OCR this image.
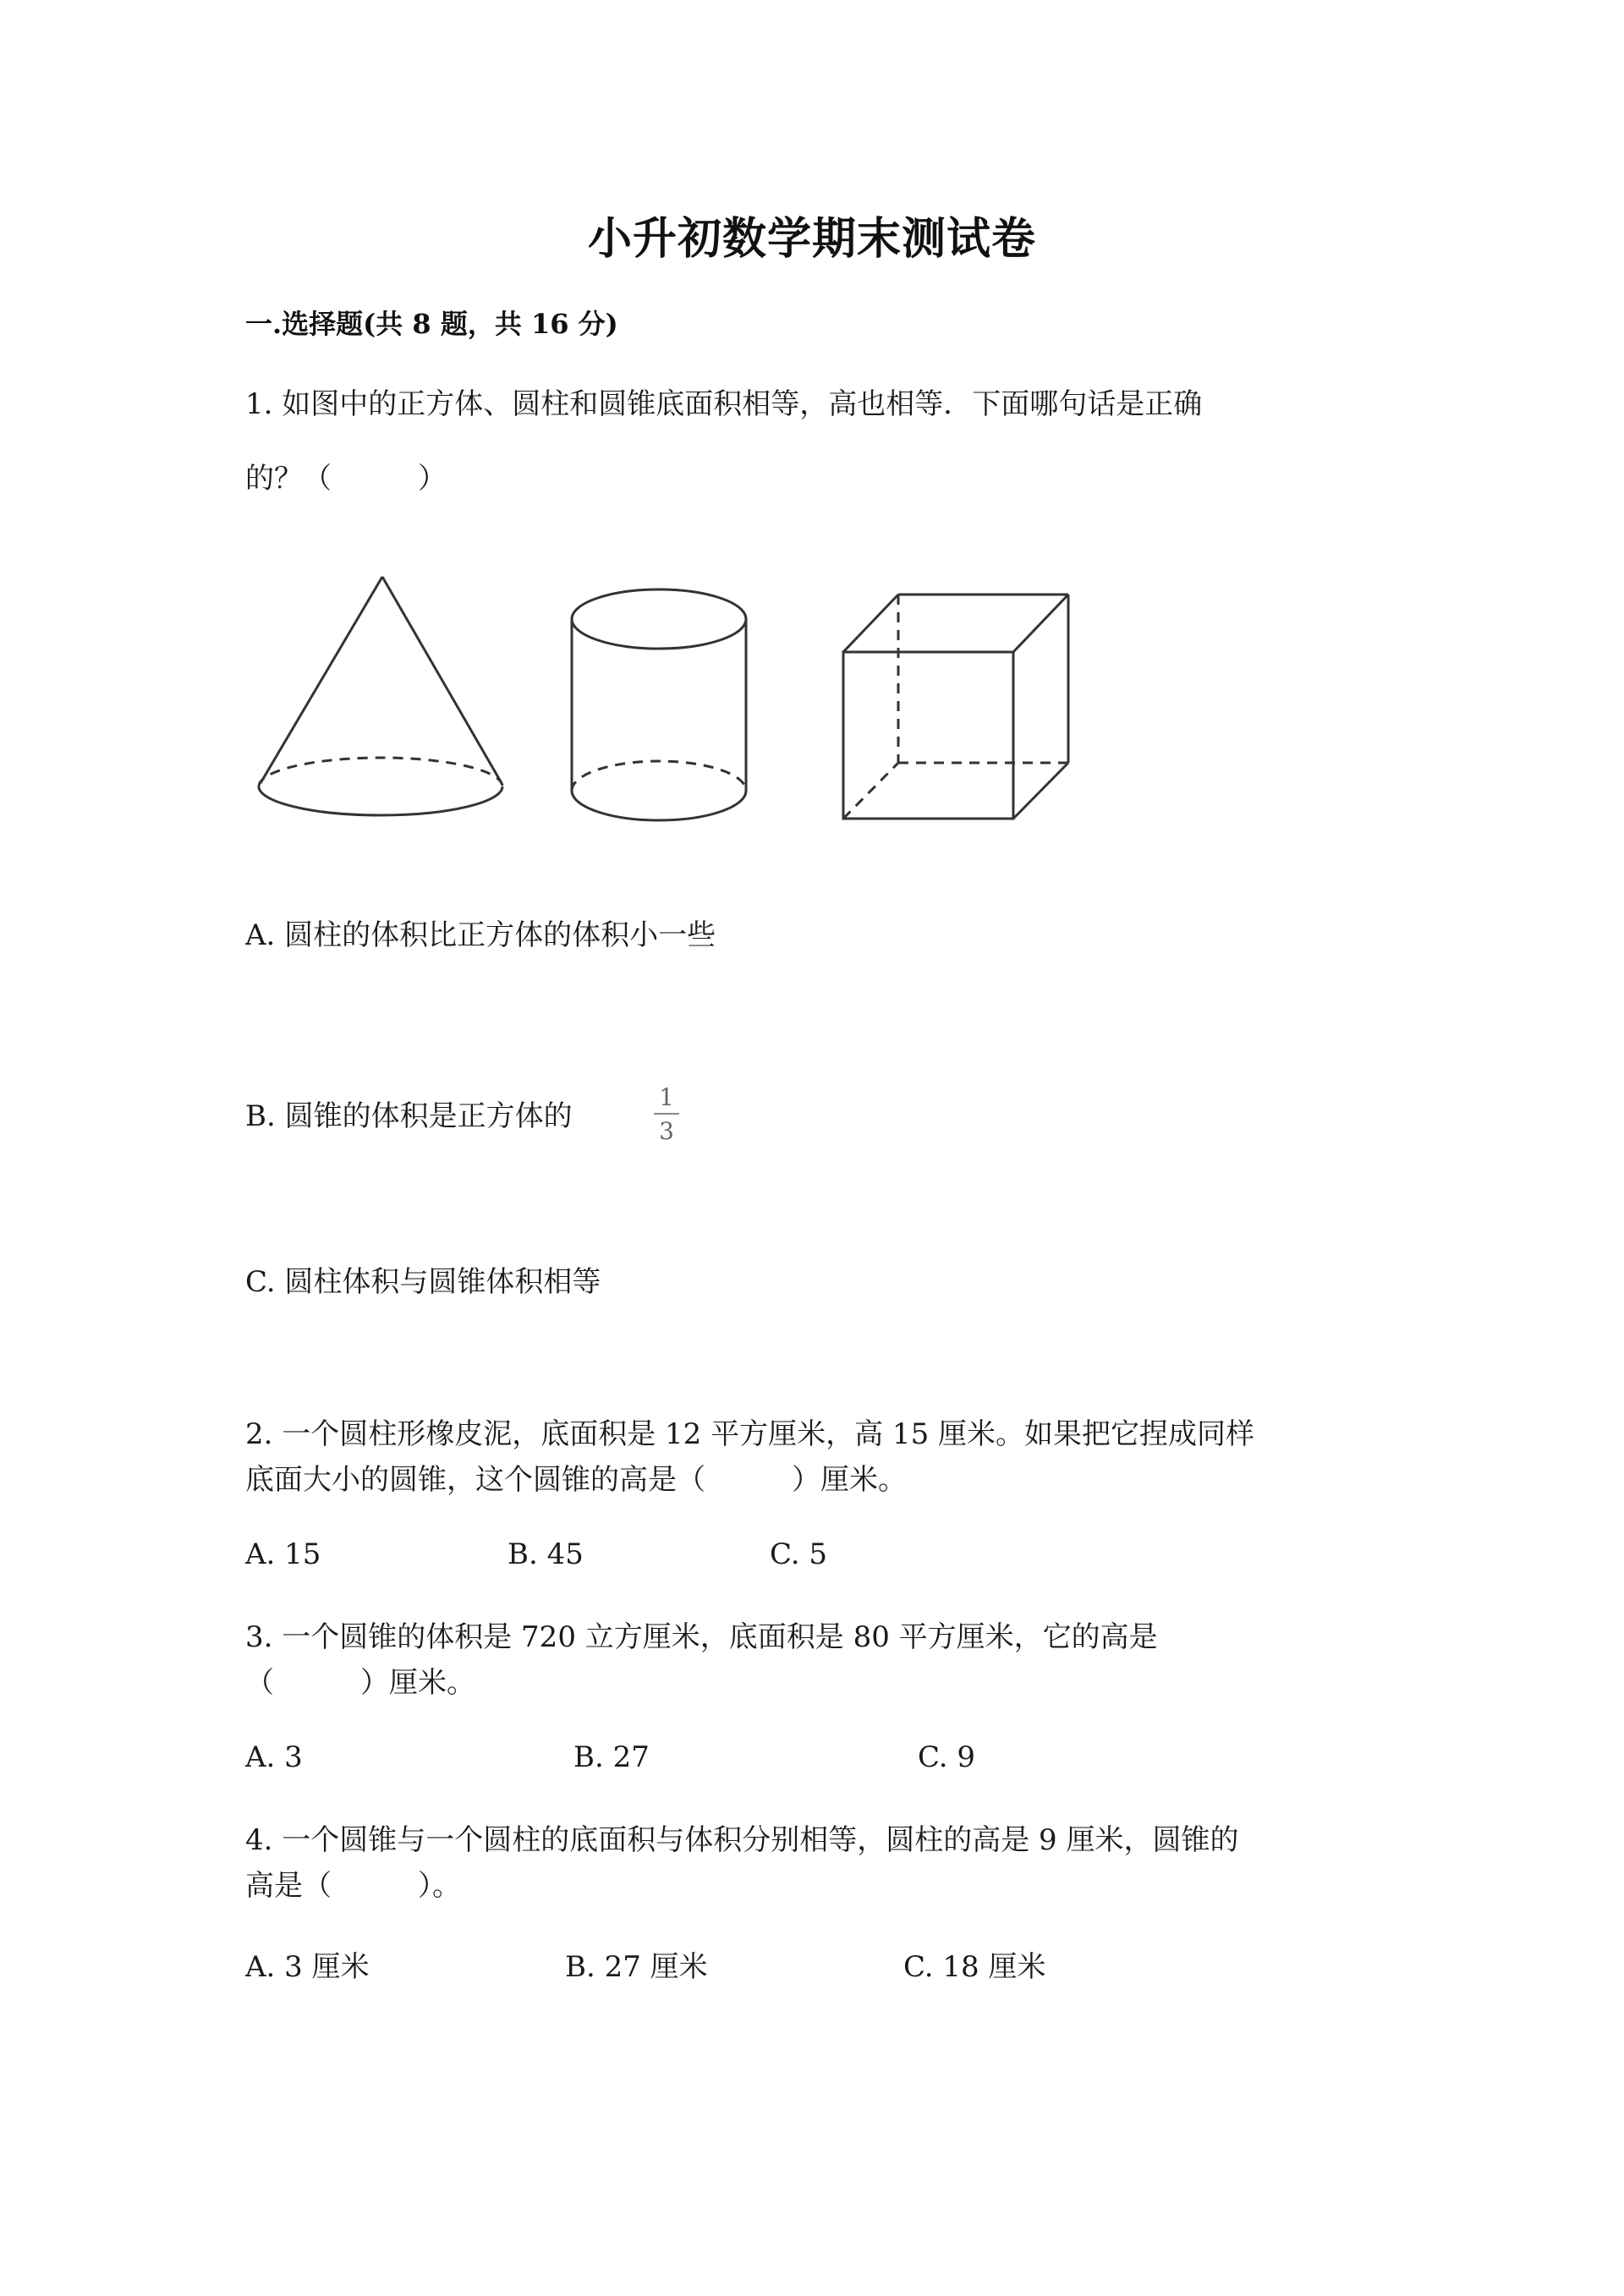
小升初数学期末测试卷
一.选择题(共 8 题，共 16 分)
1. 如图中的正方体、圆柱和圆锥底面积相等，高也相等．下面哪句话是正确
的？（　　　）
A. 圆柱的体积比正方体的体积小一些
B. 圆锥的体积是正方体的
1
3
C. 圆柱体积与圆锥体积相等
2. 一个圆柱形橡皮泥，底面积是 12 平方厘米，高 15 厘米。如果把它捏成同样
底面大小的圆锥，这个圆锥的高是（　　　）厘米。
A. 15	B. 45	C. 5
3. 一个圆锥的体积是 720 立方厘米，底面积是 80 平方厘米，它的高是
（　　　）厘米。
A. 3	B. 27	C. 9
4. 一个圆锥与一个圆柱的底面积与体积分别相等，圆柱的高是 9 厘米，圆锥的
高是（　　　）。
A. 3 厘米	B. 27 厘米	C. 18 厘米
